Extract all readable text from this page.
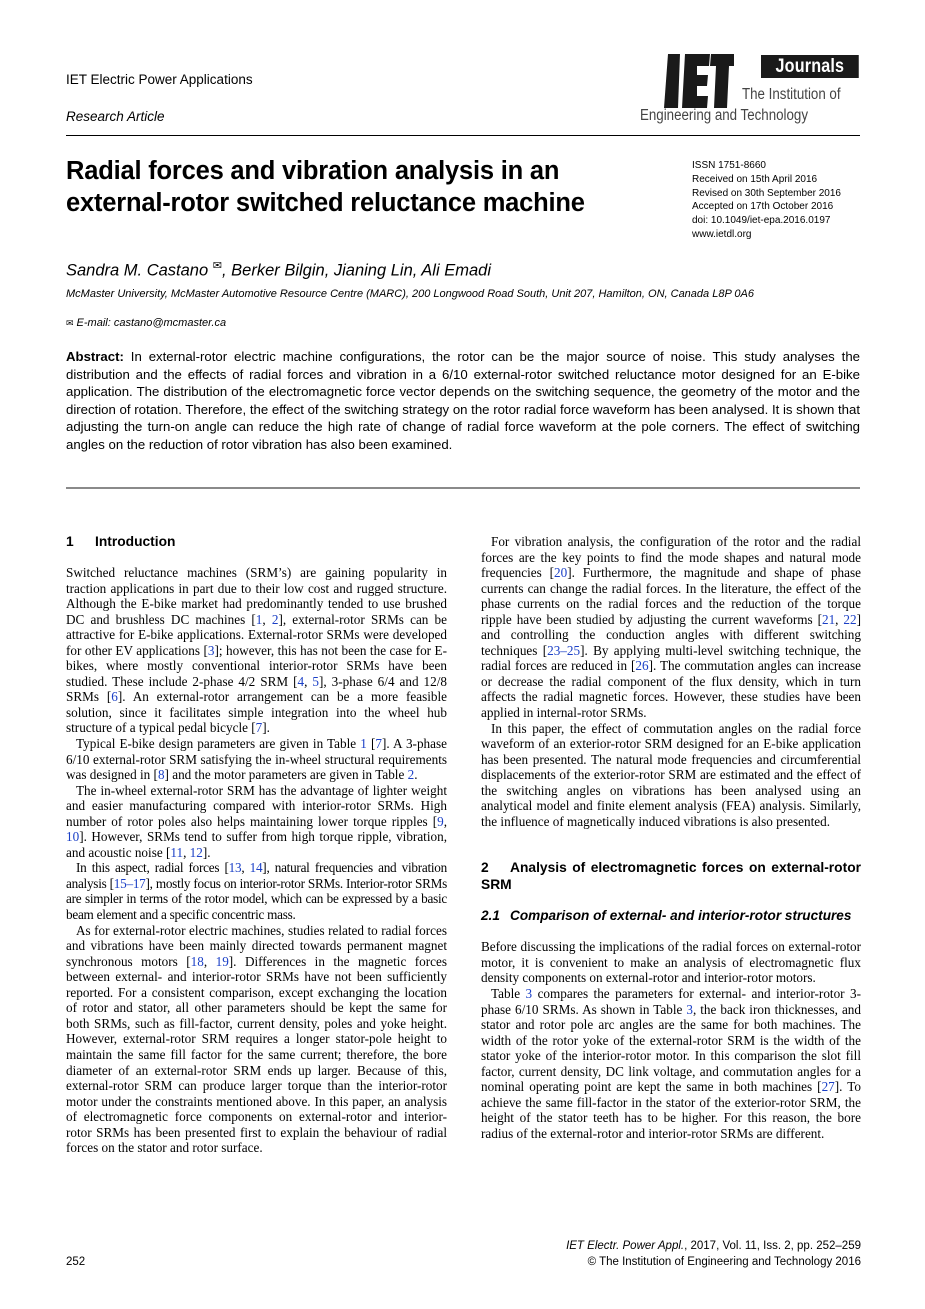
IET Electric Power Applications
Research Article
Journals
The Institution of
Engineering and Technology
Radial forces and vibration analysis in an external-rotor switched reluctance machine
ISSN 1751-8660
Received on 15th April 2016
Revised on 30th September 2016
Accepted on 17th October 2016
doi: 10.1049/iet-epa.2016.0197
www.ietdl.org
Sandra M. Castano ✉, Berker Bilgin, Jianing Lin, Ali Emadi
McMaster University, McMaster Automotive Resource Centre (MARC), 200 Longwood Road South, Unit 207, Hamilton, ON, Canada L8P 0A6
✉ E-mail: castano@mcmaster.ca
Abstract: In external-rotor electric machine configurations, the rotor can be the major source of noise. This study analyses the distribution and the effects of radial forces and vibration in a 6/10 external-rotor switched reluctance motor designed for an E-bike application. The distribution of the electromagnetic force vector depends on the switching sequence, the geometry of the motor and the direction of rotation. Therefore, the effect of the switching strategy on the rotor radial force waveform has been analysed. It is shown that adjusting the turn-on angle can reduce the high rate of change of radial force waveform at the pole corners. The effect of switching angles on the reduction of rotor vibration has also been examined.
1 Introduction

Switched reluctance machines (SRM’s) are gaining popularity in traction applications in part due to their low cost and rugged structure. Although the E-bike market had predominantly tended to use brushed DC and brushless DC machines [1, 2], external-rotor SRMs can be attractive for E-bike applications. External-rotor SRMs were developed for other EV applications [3]; however, this has not been the case for E-bikes, where mostly conventional interior-rotor SRMs have been studied. These include 2-phase 4/2 SRM [4, 5], 3-phase 6/4 and 12/8 SRMs [6]. An external-rotor arrangement can be a more feasible solution, since it facilitates simple integration into the wheel hub structure of a typical pedal bicycle [7].

Typical E-bike design parameters are given in Table 1 [7]. A 3-phase 6/10 external-rotor SRM satisfying the in-wheel structural requirements was designed in [8] and the motor parameters are given in Table 2.

The in-wheel external-rotor SRM has the advantage of lighter weight and easier manufacturing compared with interior-rotor SRMs. High number of rotor poles also helps maintaining lower torque ripples [9, 10]. However, SRMs tend to suffer from high torque ripple, vibration, and acoustic noise [11, 12].

In this aspect, radial forces [13, 14], natural frequencies and vibration analysis [15–17], mostly focus on interior-rotor SRMs. Interior-rotor SRMs are simpler in terms of the rotor model, which can be expressed by a basic beam element and a specific concentric mass.

As for external-rotor electric machines, studies related to radial forces and vibrations have been mainly directed towards permanent magnet synchronous motors [18, 19]. Differences in the magnetic forces between external- and interior-rotor SRMs have not been sufficiently reported. For a consistent comparison, except exchanging the location of rotor and stator, all other parameters should be kept the same for both SRMs, such as fill-factor, current density, poles and yoke height. However, external-rotor SRM requires a longer stator-pole height to maintain the same fill factor for the same current; therefore, the bore diameter of an external-rotor SRM ends up larger. Because of this, external-rotor SRM can produce larger torque than the interior-rotor motor under the constraints mentioned above. In this paper, an analysis of electromagnetic force components on external-rotor and interior-rotor SRMs has been presented first to explain the behaviour of radial forces on the stator and rotor surface.

For vibration analysis, the configuration of the rotor and the radial forces are the key points to find the mode shapes and natural mode frequencies [20]. Furthermore, the magnitude and shape of phase currents can change the radial forces. In the literature, the effect of the phase currents on the radial forces and the reduction of the torque ripple have been studied by adjusting the current waveforms [21, 22] and controlling the conduction angles with different switching techniques [23–25]. By applying multi-level switching technique, the radial forces are reduced in [26]. The commutation angles can increase or decrease the radial component of the flux density, which in turn affects the radial magnetic forces. However, these studies have been applied in internal-rotor SRMs.

In this paper, the effect of commutation angles on the radial force waveform of an exterior-rotor SRM designed for an E-bike application has been presented. The natural mode frequencies and circumferential displacements of the exterior-rotor SRM are estimated and the effect of the switching angles on vibrations has been analysed using an analytical model and finite element analysis (FEA) analysis. Similarly, the influence of magnetically induced vibrations is also presented.

2 Analysis of electromagnetic forces on external-rotor SRM
2.1 Comparison of external- and interior-rotor structures

Before discussing the implications of the radial forces on external-rotor motor, it is convenient to make an analysis of electromagnetic flux density components on external-rotor and interior-rotor motors.

Table 3 compares the parameters for external- and interior-rotor 3-phase 6/10 SRMs. As shown in Table 3, the back iron thicknesses, and stator and rotor pole arc angles are the same for both machines. The width of the rotor yoke of the external-rotor SRM is the width of the stator yoke of the interior-rotor motor. In this comparison the slot fill factor, current density, DC link voltage, and commutation angles for a nominal operating point are kept the same in both machines [27]. To achieve the same fill-factor in the stator of the exterior-rotor SRM, the height of the stator teeth has to be higher. For this reason, the bore radius of the external-rotor and interior-rotor SRMs are different.

IET Electr. Power Appl., 2017, Vol. 11, Iss. 2, pp. 252–259
© The Institution of Engineering and Technology 2016
252
